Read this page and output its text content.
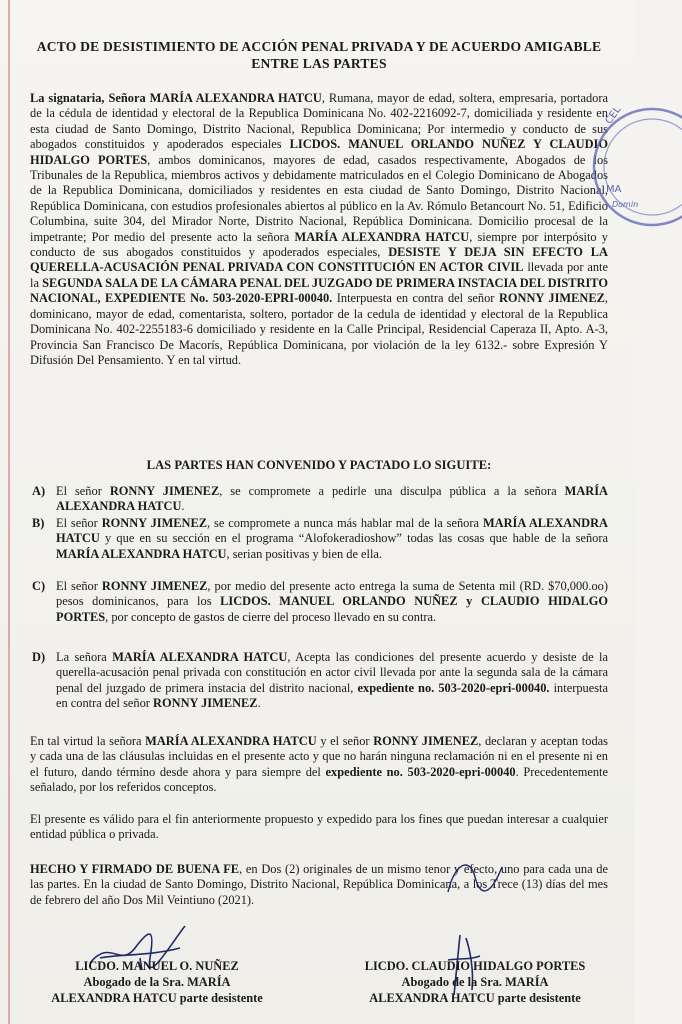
ACTO DE DESISTIMIENTO DE ACCIÓN PENAL PRIVADA Y DE ACUERDO AMIGABLE ENTRE LAS PARTES
La signataria, Señora MARÍA ALEXANDRA HATCU, Rumana, mayor de edad, soltera, empresaria, portadora de la cédula de identidad y electoral de la Republica Dominicana No. 402-2216092-7, domiciliada y residente en esta ciudad de Santo Domingo, Distrito Nacional, Republica Dominicana; Por intermedio y conducto de sus abogados constituidos y apoderados especiales LICDOS. MANUEL ORLANDO NUÑEZ Y CLAUDIO HIDALGO PORTES, ambos dominicanos, mayores de edad, casados respectivamente, Abogados de los Tribunales de la Republica, miembros activos y debidamente matriculados en el Colegio Dominicano de Abogados de la Republica Dominicana, domiciliados y residentes en esta ciudad de Santo Domingo, Distrito Nacional, República Dominicana, con estudios profesionales abiertos al público en la Av. Rómulo Betancourt No. 51, Edificio Columbina, suite 304, del Mirador Norte, Distrito Nacional, República Dominicana. Domicilio procesal de la impetrante; Por medio del presente acto la señora MARÍA ALEXANDRA HATCU, siempre por interpósito y conducto de sus abogados constituidos y apoderados especiales, DESISTE Y DEJA SIN EFECTO LA QUERELLA-ACUSACIÓN PENAL PRIVADA CON CONSTITUCIÓN EN ACTOR CIVIL llevada por ante la SEGUNDA SALA DE LA CÁMARA PENAL DEL JUZGADO DE PRIMERA INSTACIA DEL DISTRITO NACIONAL, EXPEDIENTE No. 503-2020-EPRI-00040. Interpuesta en contra del señor RONNY JIMENEZ, dominicano, mayor de edad, comentarista, soltero, portador de la cedula de identidad y electoral de la Republica Dominicana No. 402-2255183-6 domiciliado y residente en la Calle Principal, Residencial Caperaza II, Apto. A-3, Provincia San Francisco De Macorís, República Dominicana, por violación de la ley 6132.- sobre Expresión Y Difusión Del Pensamiento. Y en tal virtud.
LAS PARTES HAN CONVENIDO Y PACTADO LO SIGUITE:
A) El señor RONNY JIMENEZ, se compromete a pedirle una disculpa pública a la señora MARÍA ALEXANDRA HATCU.
B) El señor RONNY JIMENEZ, se compromete a nunca más hablar mal de la señora MARÍA ALEXANDRA HATCU y que en su sección en el programa “Alofokeradioshow” todas las cosas que hable de la señora MARÍA ALEXANDRA HATCU, serian positivas y bien de ella.
C) El señor RONNY JIMENEZ, por medio del presente acto entrega la suma de Setenta mil (RD. $70,000.oo) pesos dominicanos, para los LICDOS. MANUEL ORLANDO NUÑEZ y CLAUDIO HIDALGO PORTES, por concepto de gastos de cierre del proceso llevado en su contra.
D) La señora MARÍA ALEXANDRA HATCU, Acepta las condiciones del presente acuerdo y desiste de la querella-acusación penal privada con constitución en actor civil llevada por ante la segunda sala de la cámara penal del juzgado de primera instacia del distrito nacional, expediente no. 503-2020-epri-00040. interpuesta en contra del señor RONNY JIMENEZ.
En tal virtud la señora MARÍA ALEXANDRA HATCU y el señor RONNY JIMENEZ, declaran y aceptan todas y cada una de las cláusulas incluidas en el presente acto y que no harán ninguna reclamación ni en el presente ni en el futuro, dando término desde ahora y para siempre del expediente no. 503-2020-epri-00040. Precedentemente señalado, por los referidos conceptos.
El presente es válido para el fin anteriormente propuesto y expedido para los fines que puedan interesar a cualquier entidad pública o privada.
HECHO Y FIRMADO DE BUENA FE, en Dos (2) originales de un mismo tenor y efecto, uno para cada una de las partes. En la ciudad de Santo Domingo, Distrito Nacional, República Dominicana, a los Trece (13) días del mes de febrero del año Dos Mil Veintiuno (2021).
CEL
MA
Domin
LICDO. MANUEL O. NUÑEZ
Abogado de la Sra. MARÍA
ALEXANDRA HATCU parte desistente
LICDO. CLAUDIO HIDALGO PORTES
Abogado de la Sra. MARÍA
ALEXANDRA HATCU parte desistente
